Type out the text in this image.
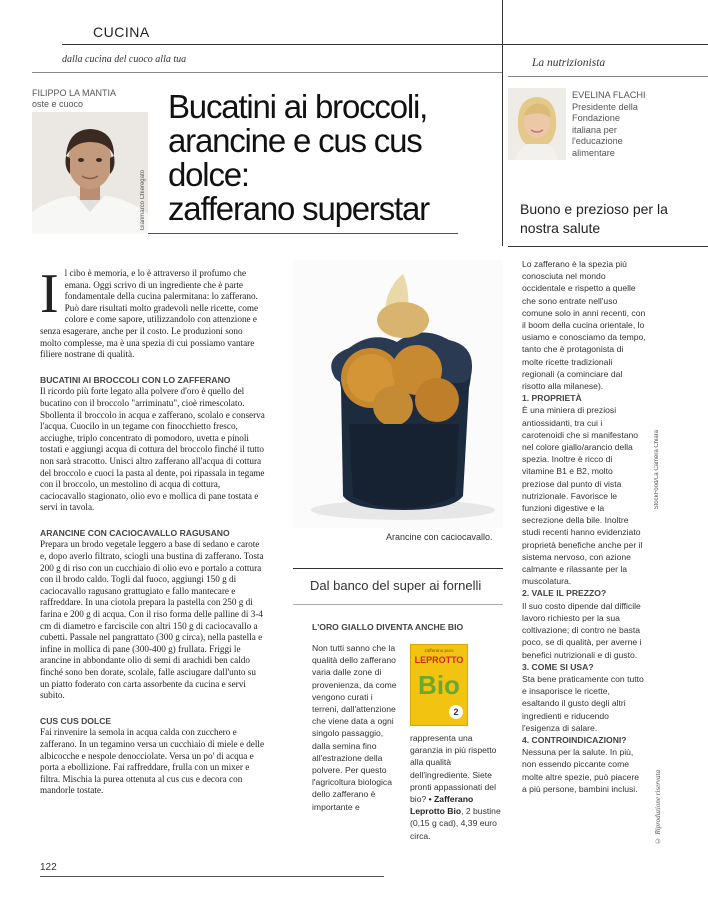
CUCINA
dalla cucina del cuoco alla tua	La nutrizionista
FILIPPO LA MANTIA
oste e cuoco
Gianmarco Chieregato
Bucatini ai broccoli,
arancine e cus cus dolce:
zafferano superstar
EVELINA FLACHI
Presidente della
Fondazione
italiana per
l'educazione
alimentare
Buono e prezioso per la nostra salute

Il cibo è memoria, e lo è attraverso il profumo che emana. Oggi scrivo di un ingrediente che è parte fondamentale della cucina palermitana: lo zafferano. Può dare risultati molto gradevoli nelle ricette, come colore e come sapore, utilizzandolo con attenzione e senza esagerare, anche per il costo. Le produzioni sono molto complesse, ma è una spezia di cui possiamo vantare filiere nostrane di qualità.

BUCATINI AI BROCCOLI CON LO ZAFFERANO

Il ricordo più forte legato alla polvere d'oro è quello del bucatino con il broccolo "arriminatu", cioè rimescolato. Sbollenta il broccolo in acqua e zafferano, scolalo e conserva l'acqua. Cuocilo in un tegame con finocchietto fresco, acciughe, triplo concentrato di pomodoro, uvetta e pinoli tostati e aggiungi acqua di cottura del broccolo finché il tutto non sarà stracotto. Unisci altro zafferano all'acqua di cottura del broccolo e cuoci la pasta al dente, poi ripassala in tegame con il broccolo, un mestolino di acqua di cottura, caciocavallo stagionato, olio evo e mollica di pane tostata e servi in tavola.

ARANCINE CON CACIOCAVALLO RAGUSANO

Prepara un brodo vegetale leggero a base di sedano e carote e, dopo averlo filtrato, sciogli una bustina di zafferano. Tosta 200 g di riso con un cucchiaio di olio evo e portalo a cottura con il brodo caldo. Togli dal fuoco, aggiungi 150 g di caciocavallo ragusano grattugiato e fallo mantecare e raffreddare. In una ciotola prepara la pastella con 250 g di farina e 200 g di acqua. Con il riso forma delle palline di 3-4 cm di diametro e farciscile con altri 150 g di caciocavallo a cubetti. Passale nel pangrattato (300 g circa), nella pastella e infine in mollica di pane (300-400 g) frullata. Friggi le arancine in abbondante olio di semi di arachidi ben caldo finché sono ben dorate, scolale, falle asciugare dall'unto su un piatto foderato con carta assorbente da cucina e servi subito.

CUS CUS DOLCE

Fai rinvenire la semola in acqua calda con zucchero e zafferano. In un tegamino versa un cucchiaio di miele e delle albicocche e nespole denocciolate. Versa un po' di acqua e porta a ebollizione. Fai raffreddare, frulla con un mixer e filtra. Mischia la purea ottenuta al cus cus e decora con mandorle tostate.

122
Arancine con caciocavallo.
StockFood/La Camera Chiara
Dal banco del super ai fornelli
L'ORO GIALLO DIVENTA ANCHE BIO
Non tutti sanno che la qualità dello zafferano varia dalle zone di provenienza, da come vengono curati i terreni, dall'attenzione che viene data a ogni singolo passaggio, dalla semina fino all'estrazione della polvere. Per questo l'agricoltura biologica dello zafferano è importante e
zafferano puro
LEPROTTO
Bio
2
rappresenta una garanzia in più rispetto alla qualità dell'ingrediente. Siete pronti appassionati del bio? • Zafferano Leprotto Bio, 2 bustine (0,15 g cad), 4,39 euro circa.

Lo zafferano è la spezia più conosciuta nel mondo occidentale e rispetto a quelle che sono entrate nell'uso comune solo in anni recenti, con il boom della cucina orientale, lo usiamo e conosciamo da tempo, tanto che è protagonista di molte ricette tradizionali regionali (a cominciare dal risotto alla milanese).

1. PROPRIETÀ

È una miniera di preziosi antiossidanti, tra cui i carotenoidi che si manifestano nel colore giallo/arancio della spezia. Inoltre è ricco di vitamine B1 e B2, molto preziose dal punto di vista nutrizionale. Favorisce le funzioni digestive e la secrezione della bile. Inoltre studi recenti hanno evidenziato proprietà benefiche anche per il sistema nervoso, con azione calmante e rilassante per la muscolatura.

2. VALE IL PREZZO?

Il suo costo dipende dal difficile lavoro richiesto per la sua coltivazione; di contro ne basta poco, se di qualità, per averne i benefici nutrizionali e di gusto.

3. COME SI USA?

Sta bene praticamente con tutto e insaporisce le ricette, esaltando il gusto degli altri ingredienti e riducendo l'esigenza di salare.

4. CONTROINDICAZIONI?

Nessuna per la salute. In più, non essendo piccante come molte altre spezie, può piacere a più persone, bambini inclusi.	© Riproduzione riservata
